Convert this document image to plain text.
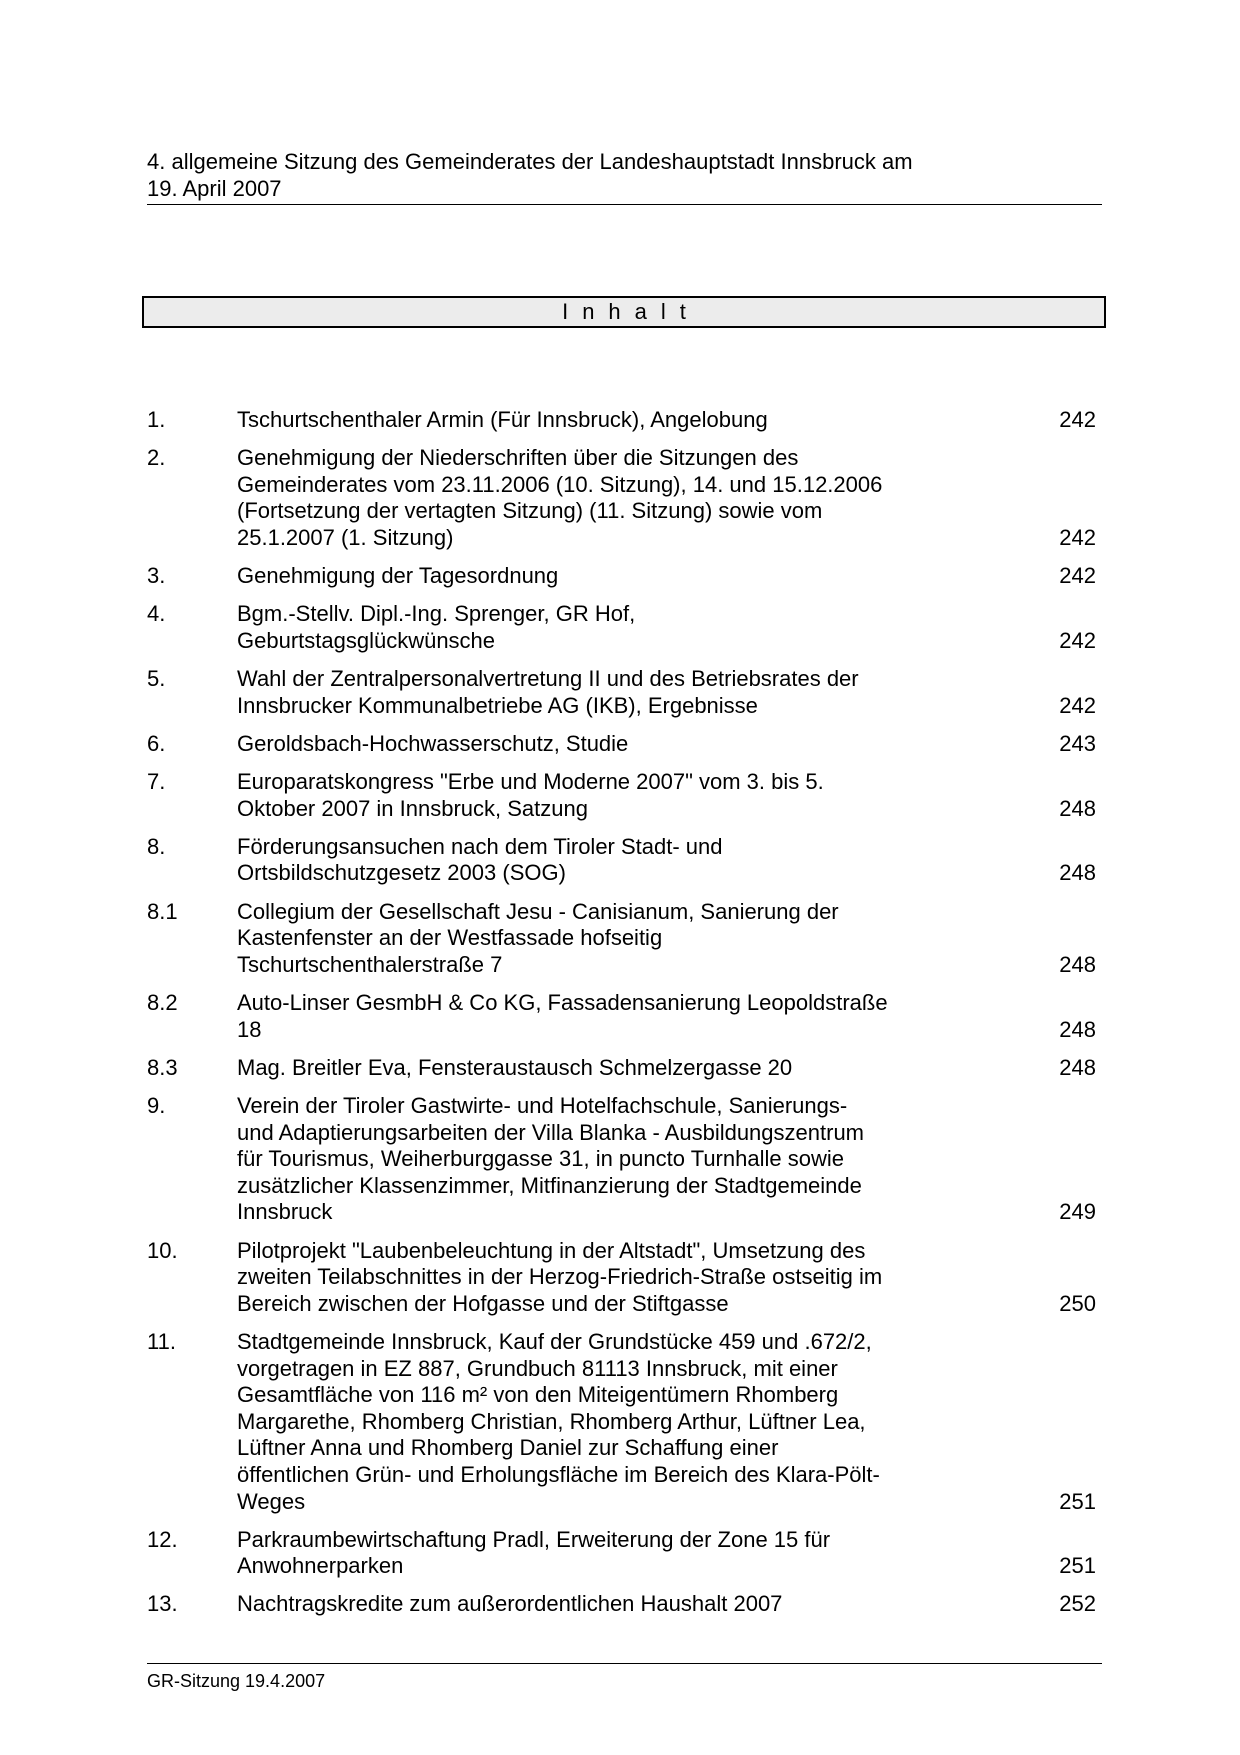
4. allgemeine Sitzung des Gemeinderates der Landeshauptstadt Innsbruck am
19. April 2007
Inhalt
1.	Tschurtschenthaler Armin (Für Innsbruck), Angelobung	242
2.	Genehmigung der Niederschriften über die Sitzungen des
Gemeinderates vom 23.11.2006 (10. Sitzung), 14. und 15.12.2006
(Fortsetzung der vertagten Sitzung) (11. Sitzung) sowie vom
25.1.2007 (1. Sitzung)	242
3.	Genehmigung der Tagesordnung	242
4.	Bgm.-Stellv. Dipl.-Ing. Sprenger, GR Hof,
Geburtstagsglückwünsche	242
5.	Wahl der Zentralpersonalvertretung II und des Betriebsrates der
Innsbrucker Kommunalbetriebe AG (IKB), Ergebnisse	242
6.	Geroldsbach-Hochwasserschutz, Studie	243
7.	Europaratskongress "Erbe und Moderne 2007" vom 3. bis 5.
Oktober 2007 in Innsbruck, Satzung	248
8.	Förderungsansuchen nach dem Tiroler Stadt- und
Ortsbildschutzgesetz 2003 (SOG)	248
8.1	Collegium der Gesellschaft Jesu - Canisianum, Sanierung der
Kastenfenster an der Westfassade hofseitig
Tschurtschenthalerstraße 7	248
8.2	Auto-Linser GesmbH & Co KG, Fassadensanierung Leopoldstraße
18	248
8.3	Mag. Breitler Eva, Fensteraustausch Schmelzergasse 20	248
9.	Verein der Tiroler Gastwirte- und Hotelfachschule, Sanierungs-
und Adaptierungsarbeiten der Villa Blanka - Ausbildungszentrum
für Tourismus, Weiherburggasse 31, in puncto Turnhalle sowie
zusätzlicher Klassenzimmer, Mitfinanzierung der Stadtgemeinde
Innsbruck	249
10.	Pilotprojekt "Laubenbeleuchtung in der Altstadt", Umsetzung des
zweiten Teilabschnittes in der Herzog-Friedrich-Straße ostseitig im
Bereich zwischen der Hofgasse und der Stiftgasse	250
11.	Stadtgemeinde Innsbruck, Kauf der Grundstücke 459 und .672/2,
vorgetragen in EZ 887, Grundbuch 81113 Innsbruck, mit einer
Gesamtfläche von 116 m² von den Miteigentümern Rhomberg
Margarethe, Rhomberg Christian, Rhomberg Arthur, Lüftner Lea,
Lüftner Anna und Rhomberg Daniel zur Schaffung einer
öffentlichen Grün- und Erholungsfläche im Bereich des Klara-Pölt-
Weges	251
12.	Parkraumbewirtschaftung Pradl, Erweiterung der Zone 15 für
Anwohnerparken	251
13.	Nachtragskredite zum außerordentlichen Haushalt 2007	252
GR-Sitzung 19.4.2007
